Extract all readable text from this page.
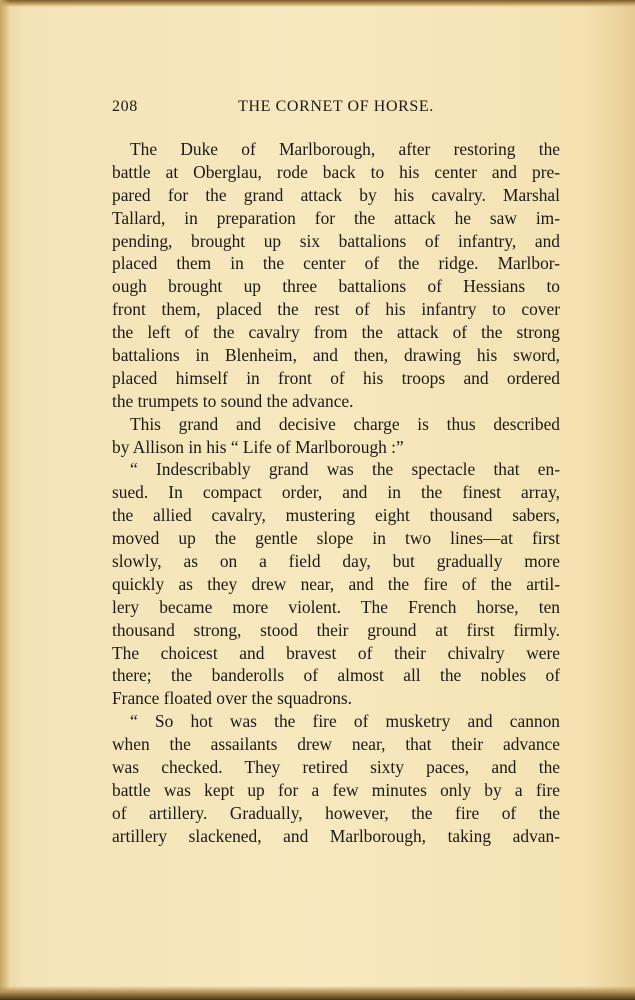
208	THE CORNET OF HORSE.
The Duke of Marlborough, after restoring the
battle at Oberglau, rode back to his center and pre-
pared for the grand attack by his cavalry. Marshal
Tallard, in preparation for the attack he saw im-
pending, brought up six battalions of infantry, and
placed them in the center of the ridge. Marlbor-
ough brought up three battalions of Hessians to
front them, placed the rest of his infantry to cover
the left of the cavalry from the attack of the strong
battalions in Blenheim, and then, drawing his sword,
placed himself in front of his troops and ordered
the trumpets to sound the advance.
This grand and decisive charge is thus described
by Allison in his “ Life of Marlborough :”
“ Indescribably grand was the spectacle that en-
sued. In compact order, and in the finest array,
the allied cavalry, mustering eight thousand sabers,
moved up the gentle slope in two lines—at first
slowly, as on a field day, but gradually more
quickly as they drew near, and the fire of the artil-
lery became more violent. The French horse, ten
thousand strong, stood their ground at first firmly.
The choicest and bravest of their chivalry were
there; the banderolls of almost all the nobles of
France floated over the squadrons.
“ So hot was the fire of musketry and cannon
when the assailants drew near, that their advance
was checked. They retired sixty paces, and the
battle was kept up for a few minutes only by a fire
of artillery. Gradually, however, the fire of the
artillery slackened, and Marlborough, taking advan-
